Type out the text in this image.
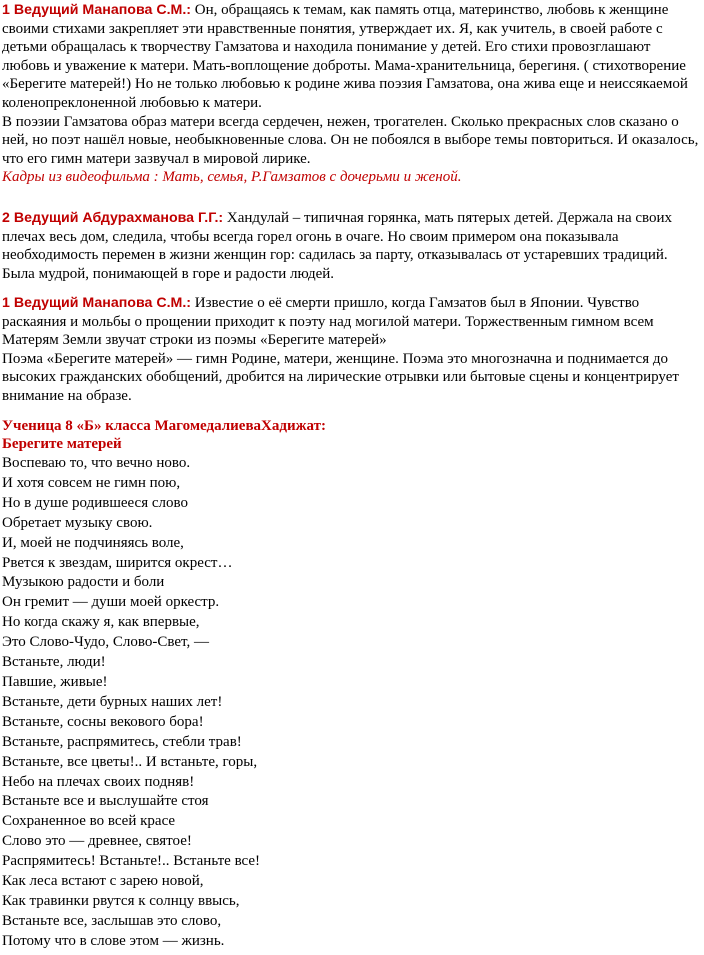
1 Ведущий Манапова С.М.: Он, обращаясь к темам, как память отца, материнство, любовь к женщине
своими стихами закрепляет эти нравственные понятия, утверждает их. Я, как учитель, в своей работе с
детьми обращалась к творчеству Гамзатова и находила понимание у детей. Его стихи провозглашают
любовь и уважение к матери. Мать-воплощение доброты. Мама-хранительница, берегиня. ( стихотворение
«Берегите матерей!) Но не только любовью к родине жива поэзия Гамзатова, она жива еще и неиссякаемой
коленопреклоненной любовью к матери.
В поэзии Гамзатова образ матери всегда сердечен, нежен, трогателен. Сколько прекрасных слов сказано о
ней, но поэт нашёл новые, необыкновенные слова. Он не побоялся в выборе темы повториться. И оказалось,
что его гимн матери зазвучал в мировой лирике.
Кадры из видеофильма : Мать, семья, Р.Гамзатов с дочерьми и женой.
2 Ведущий Абдурахманова Г.Г.: Хандулай – типичная горянка, мать пятерых детей. Держала на своих
плечах весь дом, следила, чтобы всегда горел огонь в очаге. Но своим примером она показывала
необходимость перемен в жизни женщин гор: садилась за парту, отказывалась от устаревших традиций.
Была мудрой, понимающей в горе и радости людей.
1 Ведущий Манапова С.М.: Известие о её смерти пришло, когда Гамзатов был в Японии. Чувство
раскаяния и мольбы о прощении приходит к поэту над могилой матери. Торжественным гимном всем
Матерям Земли звучат строки из поэмы «Берегите матерей»
Поэма «Берегите матерей» — гимн Родине, матери, женщине. Поэма это многозначна и поднимается до
высоких гражданских обобщений, дробится на лирические отрывки или бытовые сцены и концентрирует
внимание на образе.
Ученица 8 «Б» класса МагомедалиеваХадижат:
Берегите матерей
Воспеваю то, что вечно ново.
И хотя совсем не гимн пою,
Но в душе родившееся слово
Обретает музыку свою.
И, моей не подчиняясь воле,
Рвется к звездам, ширится окрест…
Музыкою радости и боли
Он гремит — души моей оркестр.
Но когда скажу я, как впервые,
Это Слово-Чудо, Слово-Свет, —
Встаньте, люди!
Павшие, живые!
Встаньте, дети бурных наших лет!
Встаньте, сосны векового бора!
Встаньте, распрямитесь, стебли трав!
Встаньте, все цветы!.. И встаньте, горы,
Небо на плечах своих подняв!
Встаньте все и выслушайте стоя
Сохраненное во всей красе
Слово это — древнее, святое!
Распрямитесь! Встаньте!.. Встаньте все!
Как леса встают с зарею новой,
Как травинки рвутся к солнцу ввысь,
Встаньте все, заслышав это слово,
Потому что в слове этом — жизнь.
